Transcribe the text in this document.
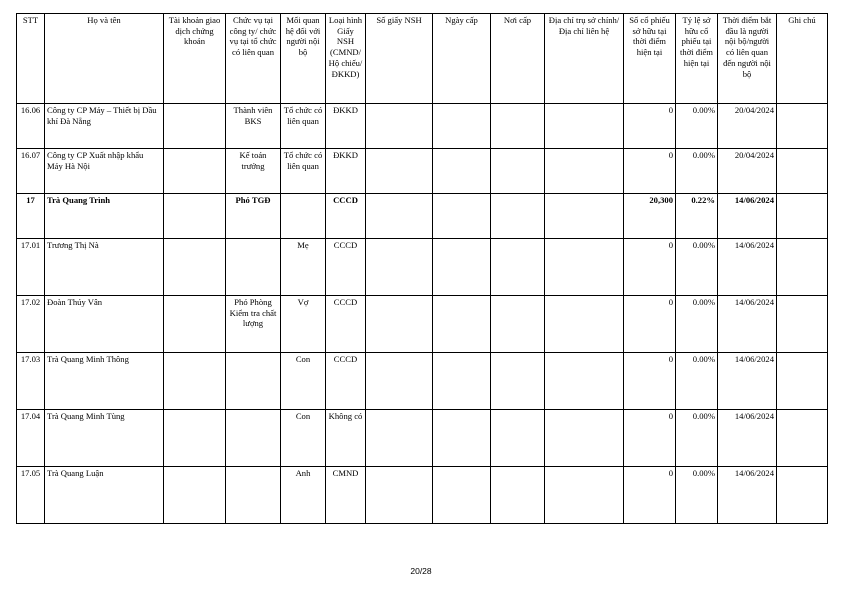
STT	Họ và tên	Tài khoản giao dịch chứng khoán	Chức vụ tại công ty/ chức vụ tại tổ chức có liên quan	Mối quan hệ đối với người nội bộ	Loại hình Giấy NSH (CMND/ Hộ chiếu/ ĐKKD)	Số giấy NSH	Ngày cấp	Nơi cấp	Địa chỉ trụ sở chính/Địa chỉ liên hệ	Số cổ phiếu sở hữu tại thời điểm hiện tại	Tỷ lệ sở hữu cổ phiếu tại thời điểm hiện tại	Thời điểm bắt đầu là người nội bộ/người có liên quan đến người nội bộ	Ghi chú
16.06	Công ty CP Máy – Thiết bị Dầu khí Đà Nẵng		Thành viên BKS	Tổ chức có liên quan	ĐKKD					0	0.00%	20/04/2024	
16.07	Công ty CP Xuất nhập khẩu Máy Hà Nội		Kế toán trưởng	Tổ chức có liên quan	ĐKKD					0	0.00%	20/04/2024	
17	Trà Quang Trình		Phó TGĐ		CCCD					20,300	0.22%	14/06/2024	
17.01	Trương Thị Nà			Mẹ	CCCD					0	0.00%	14/06/2024	
17.02	Đoàn Thúy Vân		Phó Phòng Kiểm tra chất lượng	Vợ	CCCD					0	0.00%	14/06/2024	
17.03	Trà Quang Minh Thông			Con	CCCD					0	0.00%	14/06/2024	
17.04	Trà Quang Minh Tùng			Con	Không có					0	0.00%	14/06/2024	
17.05	Trà Quang Luận			Anh	CMND					0	0.00%	14/06/2024	
20/28
